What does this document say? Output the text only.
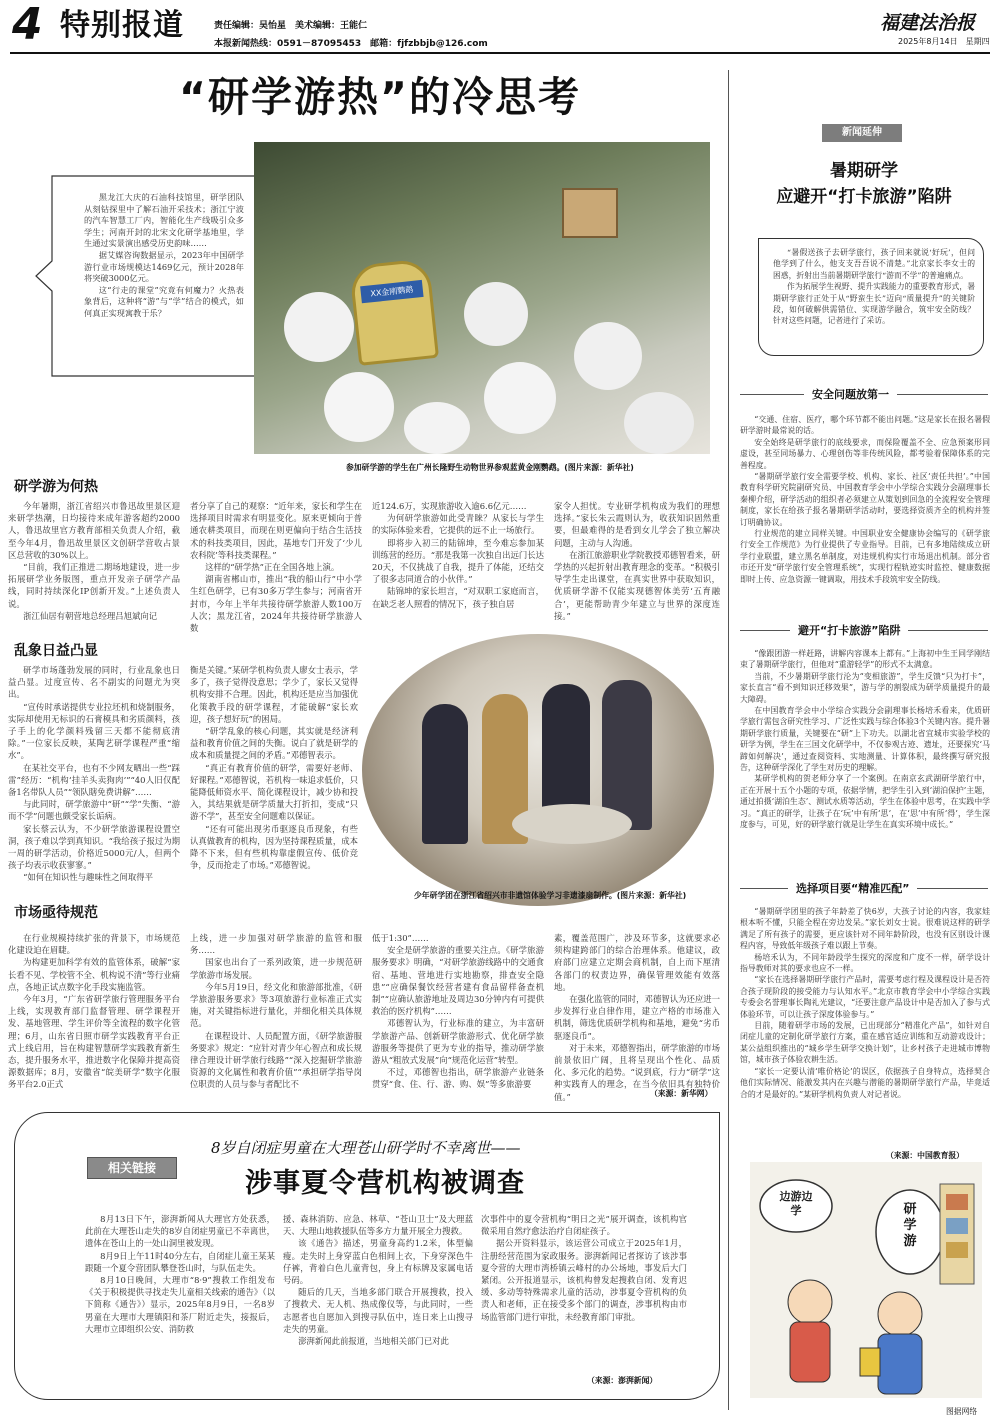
4 特别报道	责任编辑：吴怡星　美术编辑：王能仁
本报新闻热线：0591－87095453　邮箱：fjfzbbjb@126.com
福建法治报
2025年8月14日　星期四
“研学游热”的冷思考

黑龙江大庆的石油科技馆里，研学团队从刻钻探里中了解石油开采技术；浙江宁波的汽车智慧工厂内，智能化生产线吸引众多学生；河南开封的北宋文化研学基地里，学生通过实景演出感受历史韵味……

据艾媒咨询数据显示，2023年中国研学游行业市场规模达1469亿元，预计2028年将突破3000亿元。

这“行走的课堂”究竟有何魔力？火热表象背后，这种将“游”与“学”结合的模式，如何真正实现寓教于乐？

XX金刚鹦鹉
参加研学游的学生在广州长隆野生动物世界参观蓝黄金刚鹦鹉。(图片来源：新华社)
研学游为何热

今年暑期，浙江省绍兴市鲁迅故里景区迎来研学热潮，日均接待来成年游客超约2000人，鲁迅故里官方教育部相关负责人介绍，截至今年4月，鲁迅故里景区文创研学营收占景区总营收的30%以上。

“目前，我们正推进二期场地建设，进一步拓展研学业务版图，重点开发亲子研学产品线，同时持续深化IP创新开发。”上述负责人说。

浙江仙居有朝营地总经理吕旭斌向记

者分享了自己的观察：“近年来，家长和学生在选择项目时需求有明显变化。原来更倾向于普通农耕类项目，而现在则更偏向于结合生活技术的科技类项目，因此，基地专门开发了‘少儿农科院’等科技类课程。”

这样的“研学热”正在全国各地上演。

湖南省郴山市，推出“我的船山行”中小学生红色研学，已有30多万学生参与；河南省开封市，今年上半年共接待研学旅游人数100万人次；黑龙江省，2024年共接待研学旅游人数

近124.6万，实现旅游收入逾6.6亿元……

为何研学旅游如此受青睐？从家长与学生的实际体验来看，它提供的远不止一场旅行。

即将步入初三的陆锦坤，至今难忘参加某训练营的经历。“那是我第一次独自出远门长达20天，不仅挑战了自我，提升了体能，还结交了很多志同道合的小伙伴。”

陆锦坤的家长坦言，“对双职工家庭而言，在缺乏老人照看的情况下，孩子独自居

家令人担忧。专业研学机构成为我们的理想选择。”家长朱云霞则认为，收获知识固然重要，但最难得的是看到女儿学会了独立解决问题，主动与人沟通。

在浙江旅游职业学院教授邓德智看来，研学热的兴起折射出教育理念的变革。“积极引导学生走出课堂，在真实世界中获取知识，优质研学游不仅能实现德智体美劳‘五育融合’，更能帮助青少年建立与世界的深度连接。”

乱象日益凸显

研学市场蓬勃发展的同时，行业乱象也日益凸显。过度宣传、名不副实的问题尤为突出。

“宣传时承诺提供专业拉坯机和烧制服务，实际却使用无标识的石膏模具和劣质颜料，孩子手上的化学颜料残留三天都不能彻底清除。”一位家长反映，某陶艺研学课程严重“缩水”。

在某社交平台，也有不少网友晒出一些“踩雷”经历：“机构‘挂羊头卖狗肉’”“40人旧仅配备1名带队人员”“领队瞎免费讲解”……

与此同时，研学旅游中“研”“学”失衡、“游而不学”问题也颇受家长诟病。

家长蔡云认为，不少研学旅游课程设置空洞，孩子难以学到真知识。“我给孩子报过为期一周的研学活动，价格近5000元/人，但两个孩子均表示收获寥寥。”

“如何在知识性与趣味性之间取得平

衡是关键。”某研学机构负责人廖女士表示，学多了，孩子觉得没意思；学少了，家长又觉得机构安排不合理。因此，机构还是应当加强优化策教手段的研学课程，才能破解“家长欢迎，孩子想好玩”的困局。

“研学乱象的核心问题，其实就是经济利益和教育价值之间的失衡。说白了就是研学的成本和质量提之间的矛盾。”邓德智表示。

“真正有教育价值的研学，需要好老师、好课程。”邓德智说，若机构一味追求低价，只能降低师资水平、简化课程设计，减少协和投入，其结果就是研学质量大打折扣，变成“只游不学”，甚至安全问题难以保证。

“还有可能出现劣币驱逐良币现象，有些认真做教育的机构，因为坚持课程质量，成本降不下来，但有些机构靠虚假宣传、低价竞争，反而抢走了市场。”邓德智说。

少年研学团在浙江省绍兴市非遗馆体验学习非遗漆扇制作。(图片来源：新华社)
市场亟待规范

在行业规模持续扩张的背景下，市场规范化建设迫在眉睫。

为构建更加科学有效的监管体系，破解“家长看不见、学校管不全、机构说不清”等行业痛点，各地正试点数字化手段实施监管。

今年3月，“广东省研学旅行管理服务平台上线，实现教育部门监督管理、研学课程开发、基地管理、学生评价等全流程的数字化管理；6月，山东省日照市研学实践教育平台正式上线启用，旨在构建智慧研学实践教育新生态，提升服务水平，推进数字化保障并提高资源数据库；8月，安徽省“皖美研学”数字化服务平台2.0正式

上线，进一步加强对研学旅游的监管和服务……

国家也出台了一系列政策，进一步规范研学旅游市场发展。

今年5月19日，经文化和旅游部批准，《研学旅游服务要求》等3项旅游行业标准正式实施，对关键指标进行量化，并细化相关具体规范。

在课程设计、人员配置方面，《研学旅游服务要求》规定：“应针对青少年心智点和成长规律合理设计研学旅行线路”“深入挖掘研学旅游资源的文化属性和教育价值”“承担研学指导岗位职责的人员与参与者配比不

低于1:30”……

安全是研学旅游的重要关注点。《研学旅游服务要求》明确，“对研学旅游线路中的交通食宿、基地、营地进行实地勘察，排查安全隐患”“应确保餐饮经营者建有食品留样备查机制”“应确认旅游地址及周边30分钟内有可提供救治的医疗机构”……

邓德智认为，行业标准的建立，为丰富研学旅游产品、创新研学旅游形式、优化研学旅游服务等提供了更为专业的指导，推动研学旅游从“粗放式发展”向“规范化运营”转型。

不过，邓德智也指出，研学旅游产业链条贯穿“食、住、行、游、购、娱”等多旅游要

素，覆盖范围广，涉及环节多，这就要求必须构建跨部门的综合治理体系。他建议，政府部门应建立定期会商机制，自上而下厘清各部门的权责边界，确保管理效能有效落地。

在强化监管的同时，邓德智认为还应进一步发挥行业自律作用，建立产格的市场准入机制，筛选优质研学机构和基地，避免“劣币驱逐良币”。

对于未来，邓德智指出，研学旅游的市场前景依旧广阔，且将呈现出个性化、品质化、多元化的趋势。“说到底，行力“研学”这种实践育人的理念，在当今依旧具有独特价值。”	（来源：新华网）
相关链接
8岁自闭症男童在大理苍山研学时不幸离世——
涉事夏令营机构被调查

8月13日下午，澎湃新闻从大理官方处获悉，此前在大理苍山走失的8岁自闭症男童已不幸离世，遗体在苍山上的一处山洞里被发现。

8月9日上午11时40分左右，自闭症儿童王某某跟随一个夏令营团队攀登苍山时，与队伍走失。

8月10日晚间，大理市“8·9”搜救工作组发布《关于积极提供寻找走失儿童相关线索的通告》（以下简称《通告》）显示，2025年8月9日，一名8岁男童在大理市大理镇阳和茶厂附近走失，接报后，大理市立即组织公安、消防救

援、森林消防、应急、林草、“苍山卫士”及大理蓝天、大理山地救援队伍等多方力量开展全力搜救。

该《通告》描述，男童身高约1.2米，体型偏瘦。走失时上身穿蓝白色相间上衣，下身穿深色牛仔裤，背着白色儿童背包，身上有标牌及家属电话号码。

随后的几天，当地多部门联合开展搜救，投入了搜救犬、无人机、热成像仪等，与此同时，一些志愿者也自愿加入到搜寻队伍中，连日来上山搜寻走失的男童。

澎湃新闻此前报道，当地相关部门已对此

次事件中的夏令营机构“明日之光”展开调查，该机构官微采用自然疗愈法治疗自闭症孩子。

据公开资料显示，该运营公司成立于2025年1月，注册经营范围为家政服务。澎湃新闻记者探访了该涉事夏令营的大理市湾桥镇云峰村的办公场地，事发后大门紧闭。公开报道显示，该机构曾发起搜救自闭、发育迟缓、多动等特殊需求儿童的活动，涉事夏令营机构的负责人和老师，正在接受多个部门的调查，涉事机构由市场监管部门进行审批，未经教育部门审批。

（来源：澎湃新闻）
新闻延伸
暑期研学
应避开“打卡旅游”陷阱

“暑假送孩子去研学旅行，孩子回来就说‘好玩’，但问他学到了什么，他支支吾吾说不清楚。”北京家长李女士的困惑，折射出当前暑期研学旅行“游而不学”的普遍痛点。

作为拓展学生视野、提升实践能力的重要教育形式，暑期研学旅行正处于从“野蛮生长”迈向“质量提升”的关键阶段，如何破解供需错位、实现游学融合，筑牢安全防线？针对这些问题，记者进行了采访。

安全问题放第一

“交通、住宿、医疗，哪个环节都不能出问题。”这是家长在报名暑假研学游时最常说的话。

安全始终是研学旅行的底线要求，而保险覆盖不全、应急预案形同虚设，甚至同场暴力、心理创伤等非传统风险，都考验着保障体系的完善程度。

“暑期研学旅行安全需要学校、机构、家长、社区‘责任共担’。”中国教育科学研究院副研究员、中国教育学会中小学综合实践分会副理事长秦柳介绍，研学活动的组织者必须建立从策划到回急的全流程安全管理制度，家长在给孩子报名暑期研学活动时，要选择资质齐全的机构并签订明确协议。

行业规范的建立同样关键。中国职业安全健康协会编写的《研学旅行安全工作规范》为行业提供了专业指导。目前，已有多地陆续成立研学行业联盟，建立黑名单制度，对违规机构实行市场退出机制。部分省市还开发“研学旅行安全管理系统”，实现行程轨迹实时监控、健康数据即时上传、应急资源一键调取，用技术手段筑牢安全防线。

避开“打卡旅游”陷阱

“像跟团游一样赶路，讲解内容课本上都有。”上海初中生王同学刚结束了暑期研学旅行，但他对“重游轻学”的形式不太满意。

当前，不少暑期研学旅行沦为“变相旅游”，学生反馈“只为打卡”，家长直言“看不到知识迁移效果”，游与学的割裂成为研学质量提升的最大障碍。

在中国教育学会中小学综合实践分会副理事长杨培禾看来，优质研学旅行需包含研究性学习、广泛性实践与综合体验3个关键内容。提升暑期研学旅行质量，关键要在“研”上下功夫。以湖北省宜城市实验学校的研学为例，学生在三国文化研学中，不仅参观古迹、遗址，还要探究‘马蹄如何解决’，通过查阅资料、实地测量、计算体积，最终撰写研究报告，这种研学深化了学生对历史的理解。

某研学机构的贺老师分享了一个案例。在南京玄武湖研学旅行中，正在开展十五个小题的专项，依据学情，把学生引入到‘湖泊保护’主题，通过拍摄‘湖泊生态’、测试水质等活动，学生在体验中思考，在实践中学习。“真正的研学，让孩子在‘玩’中有所‘思’，在‘思’中有所‘得’，学生深度参与，可见，好的研学旅行就是让学生在真实环境中成长。”

选择项目要“精准匹配”

“暑期研学团里的孩子年龄差了快6岁，大孩子讨论的内容，我家娃根本听不懂，只能全程在旁边发呆。”家长刘女士说。很难说这样的研学满足了所有孩子的需要，更应该针对不同年龄阶段，也没有区别设计课程内容，导致低年级孩子难以跟上节奏。

杨培禾认为，不同年龄段学生探究的深度和广度不一样，研学设计指导教师对其的要求也应不一样。

“家长在选择暑期研学旅行产品时，需要考虑行程及课程设计是否符合孩子现阶段的接受能力与认知水平。”北京市教育学会中小学综合实践专委会名誉理事长陶礼光建议，“还要注意产品设计中是否加入了参与式体验环节，可以让孩子深度体验参与。”

目前，随着研学市场的发展，已出现部分“精准化产品”，如针对自闭症儿童的定制化研学旅行方案，重在感官适应训练和互动游戏设计；某公益组织推出的“城乡学生研学交换计划”，让乡村孩子走进城市博物馆，城市孩子体验农耕生活。

“家长一定要认清‘唯价格论’的误区，依据孩子自身特点，选择契合他们实际情况、能激发其内在兴趣与潜能的暑期研学旅行产品，毕竟适合的才是最好的。”某研学机构负责人对记者说。

（来源：中国教育报）
边游边学	研学游
图据网络
